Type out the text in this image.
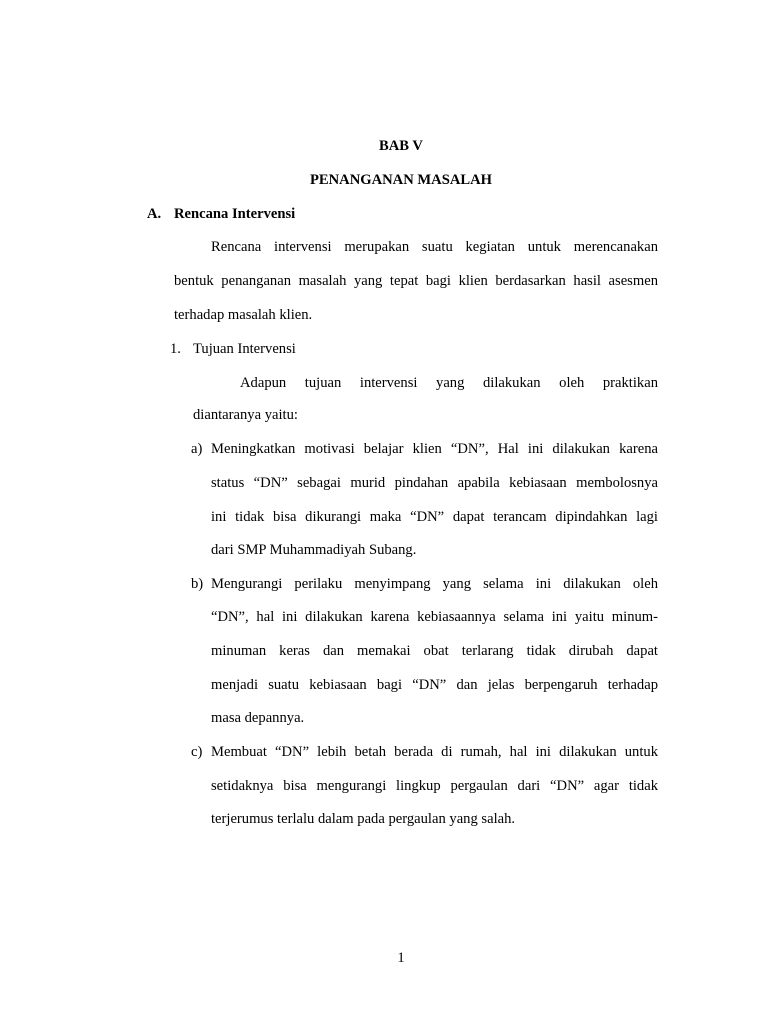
BAB V
PENANGANAN MASALAH
A. Rencana Intervensi
Rencana intervensi merupakan suatu kegiatan untuk merencanakan
bentuk penanganan masalah yang tepat bagi klien berdasarkan hasil asesmen
terhadap masalah klien.
1. Tujuan Intervensi
Adapun tujuan intervensi yang dilakukan oleh praktikan
diantaranya yaitu:
a) Meningkatkan motivasi belajar klien “DN”, Hal ini dilakukan karena
status “DN” sebagai murid pindahan apabila kebiasaan membolosnya
ini tidak bisa dikurangi maka “DN” dapat terancam dipindahkan lagi
dari SMP Muhammadiyah Subang.
b) Mengurangi perilaku menyimpang yang selama ini dilakukan oleh
“DN”, hal ini dilakukan karena kebiasaannya selama ini yaitu minum-
minuman keras dan memakai obat terlarang tidak dirubah dapat
menjadi suatu kebiasaan bagi “DN” dan jelas berpengaruh terhadap
masa depannya.
c) Membuat “DN” lebih betah berada di rumah, hal ini dilakukan untuk
setidaknya bisa mengurangi lingkup pergaulan dari “DN” agar tidak
terjerumus terlalu dalam pada pergaulan yang salah.
1
